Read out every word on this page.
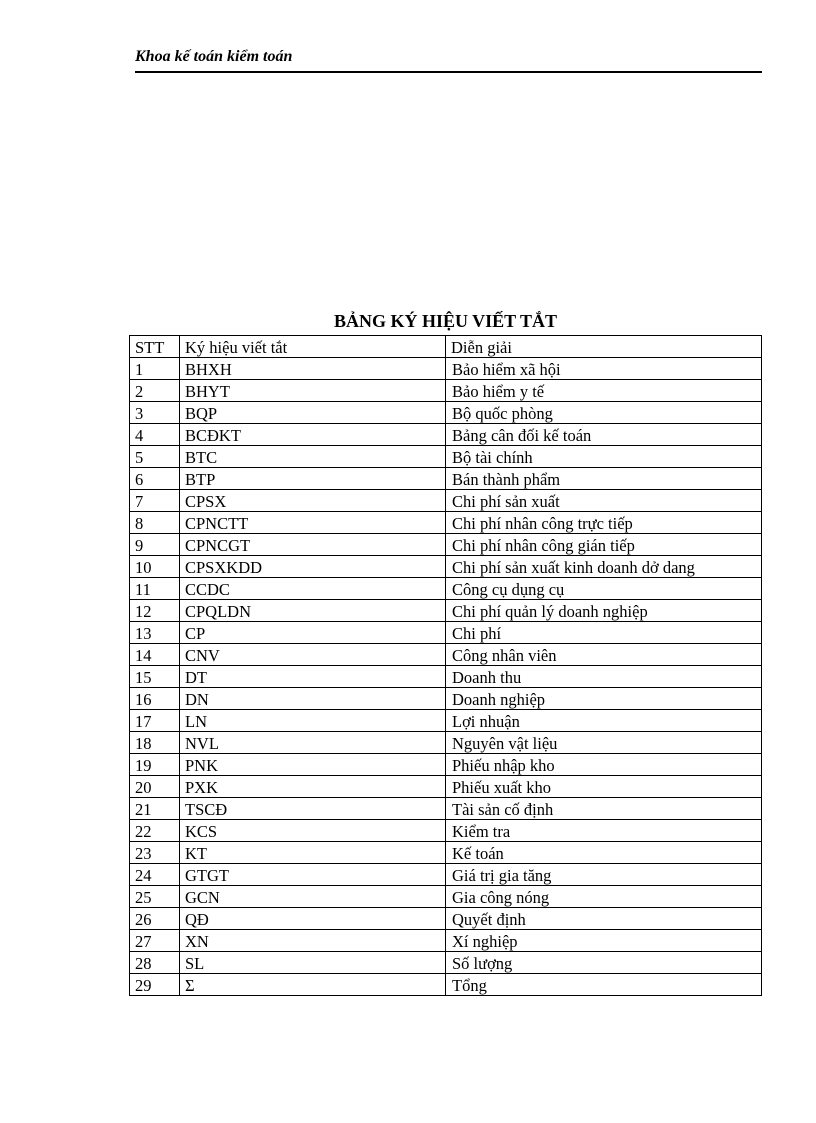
Khoa kế toán kiểm toán
BẢNG KÝ HIỆU VIẾT TẮT
STT	Ký hiệu viết tắt	Diễn giải
1	BHXH	Bảo hiểm xã hội
2	BHYT	Bảo hiểm y tế
3	BQP	Bộ quốc phòng
4	BCĐKT	Bảng cân đối kế toán
5	BTC	Bộ tài chính
6	BTP	Bán thành phẩm
7	CPSX	Chi phí sản xuất
8	CPNCTT	Chi phí nhân công trực tiếp
9	CPNCGT	Chi phí nhân công gián tiếp
10	CPSXKDD	Chi phí sản xuất kinh doanh dở dang
11	CCDC	Công cụ dụng cụ
12	CPQLDN	Chi phí quản lý doanh nghiệp
13	CP	Chi phí
14	CNV	Công nhân viên
15	DT	Doanh thu
16	DN	Doanh nghiệp
17	LN	Lợi nhuận
18	NVL	Nguyên vật liệu
19	PNK	Phiếu nhập kho
20	PXK	Phiếu xuất kho
21	TSCĐ	Tài sản cố định
22	KCS	Kiểm tra
23	KT	Kế toán
24	GTGT	Giá trị gia tăng
25	GCN	Gia công nóng
26	QĐ	Quyết định
27	XN	Xí nghiệp
28	SL	Số lượng
29	Σ	Tổng
